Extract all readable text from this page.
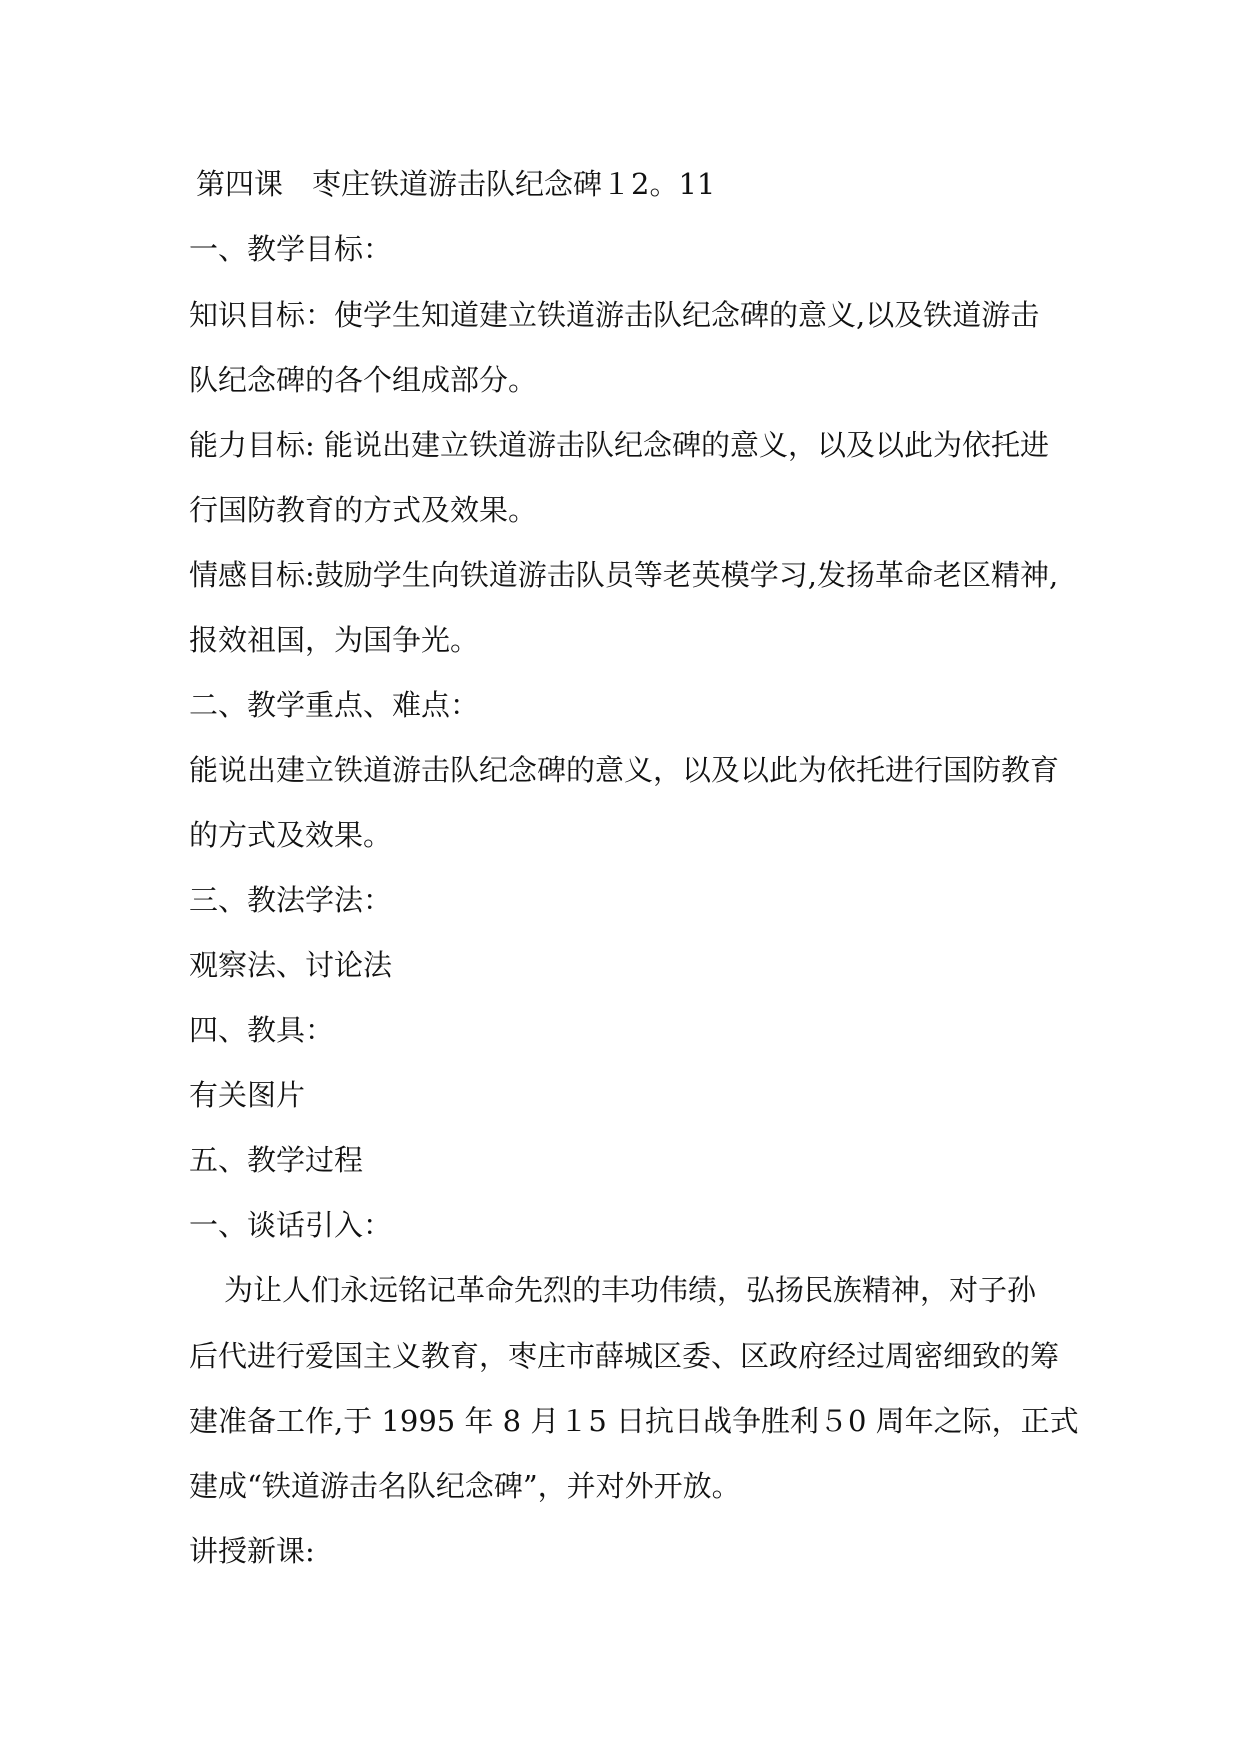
第四课　枣庄铁道游击队纪念碑１2。11
一、教学目标：
知识目标：使学生知道建立铁道游击队纪念碑的意义,以及铁道游击
队纪念碑的各个组成部分。
能力目标: 能说出建立铁道游击队纪念碑的意义，以及以此为依托进
行国防教育的方式及效果。
情感目标:鼓励学生向铁道游击队员等老英模学习,发扬革命老区精神,
报效祖国，为国争光。
二、教学重点、难点：
能说出建立铁道游击队纪念碑的意义，以及以此为依托进行国防教育
的方式及效果。
三、教法学法：
观察法、讨论法
四、教具：
有关图片
五、教学过程
一、谈话引入：
为让人们永远铭记革命先烈的丰功伟绩，弘扬民族精神，对子孙
后代进行爱国主义教育，枣庄市薛城区委、区政府经过周密细致的筹
建准备工作,于 1995 年 8 月１5 日抗日战争胜利５0 周年之际，正式
建成“铁道游击名队纪念碑”，并对外开放。
讲授新课:
